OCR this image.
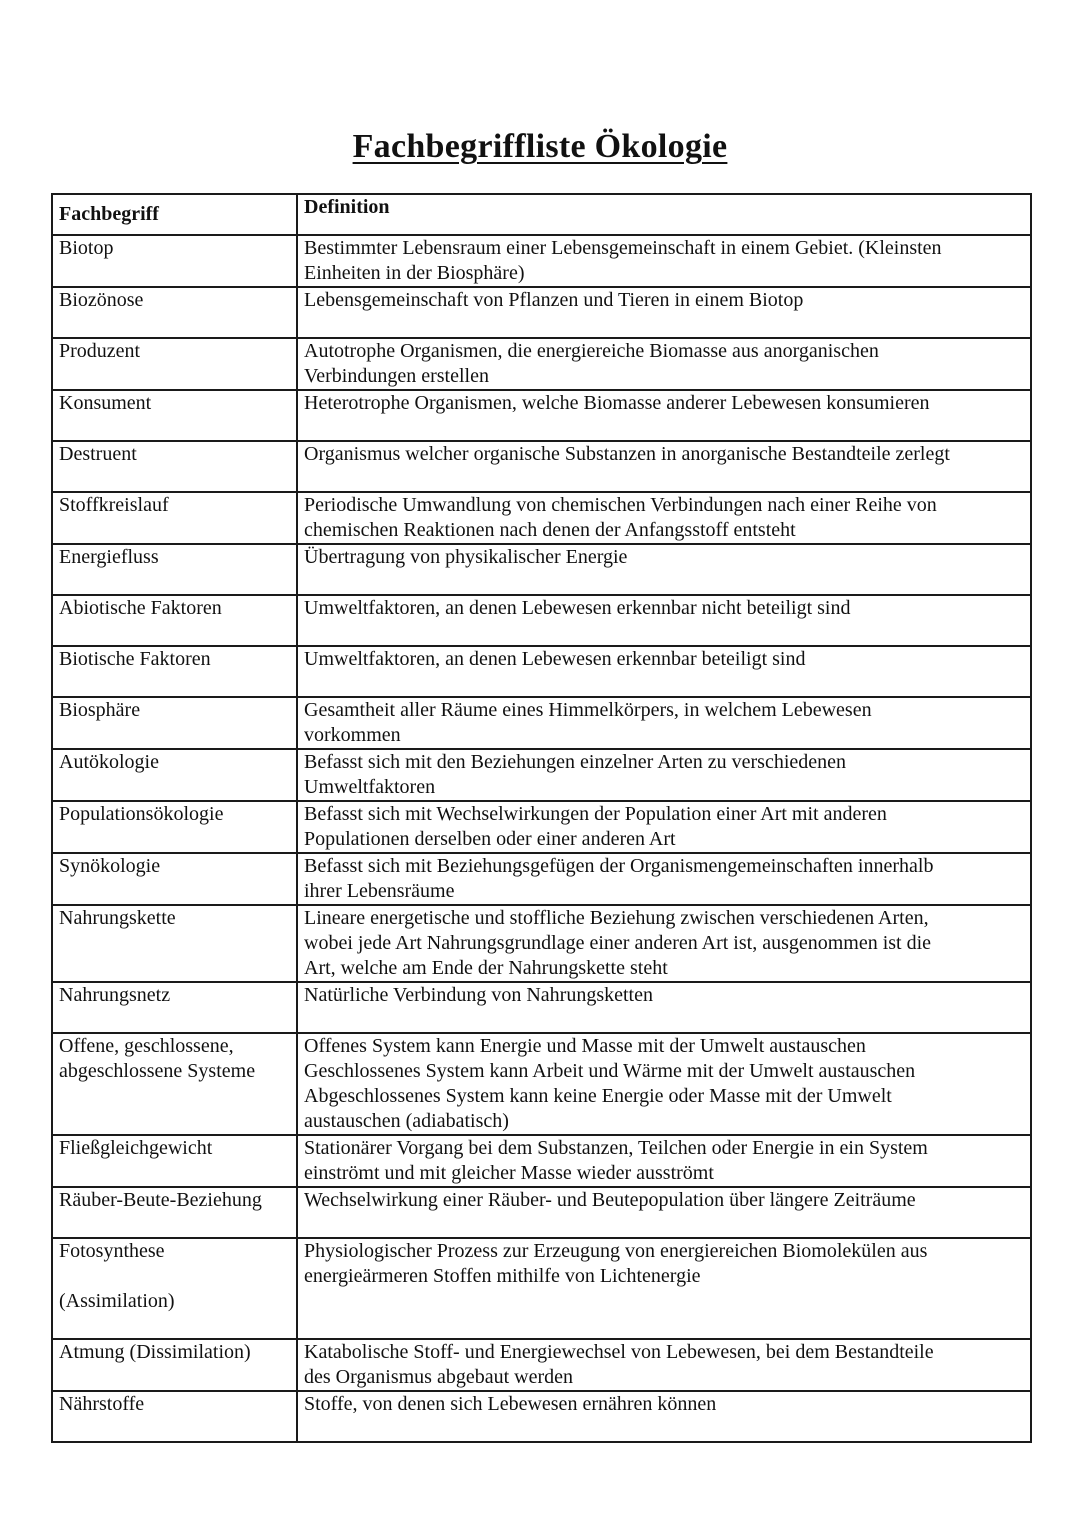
Fachbegriffliste Ökologie
Fachbegriff	Definition

Biotop	Bestimmter Lebensraum einer Lebensgemeinschaft in einem Gebiet. (Kleinsten
Einheiten in der Biosphäre)

Biozönose	Lebensgemeinschaft von Pflanzen und Tieren in einem Biotop

Produzent	Autotrophe Organismen, die energiereiche Biomasse aus anorganischen
Verbindungen erstellen

Konsument	Heterotrophe Organismen, welche Biomasse anderer Lebewesen konsumieren

Destruent	Organismus welcher organische Substanzen in anorganische Bestandteile zerlegt

Stoffkreislauf	Periodische Umwandlung von chemischen Verbindungen nach einer Reihe von
chemischen Reaktionen nach denen der Anfangsstoff entsteht

Energiefluss	Übertragung von physikalischer Energie

Abiotische Faktoren	Umweltfaktoren, an denen Lebewesen erkennbar nicht beteiligt sind

Biotische Faktoren	Umweltfaktoren, an denen Lebewesen erkennbar beteiligt sind

Biosphäre	Gesamtheit aller Räume eines Himmelkörpers, in welchem Lebewesen
vorkommen

Autökologie	Befasst sich mit den Beziehungen einzelner Arten zu verschiedenen
Umweltfaktoren

Populationsökologie	Befasst sich mit Wechselwirkungen der Population einer Art mit anderen
Populationen derselben oder einer anderen Art

Synökologie	Befasst sich mit Beziehungsgefügen der Organismengemeinschaften innerhalb
ihrer Lebensräume

Nahrungskette	Lineare energetische und stoffliche Beziehung zwischen verschiedenen Arten,
wobei jede Art Nahrungsgrundlage einer anderen Art ist, ausgenommen ist die
Art, welche am Ende der Nahrungskette steht

Nahrungsnetz	Natürliche Verbindung von Nahrungsketten

Offene, geschlossene,
abgeschlossene Systeme	Offenes System kann Energie und Masse mit der Umwelt austauschen
Geschlossenes System kann Arbeit und Wärme mit der Umwelt austauschen
Abgeschlossenes System kann keine Energie oder Masse mit der Umwelt
austauschen (adiabatisch)

Fließgleichgewicht	Stationärer Vorgang bei dem Substanzen, Teilchen oder Energie in ein System
einströmt und mit gleicher Masse wieder ausströmt

Räuber-Beute-Beziehung	Wechselwirkung einer Räuber- und Beutepopulation über längere Zeiträume

Fotosynthese
(Assimilation)	Physiologischer Prozess zur Erzeugung von energiereichen Biomolekülen aus
energieärmeren Stoffen mithilfe von Lichtenergie

Atmung (Dissimilation)	Katabolische Stoff- und Energiewechsel von Lebewesen, bei dem Bestandteile
des Organismus abgebaut werden

Nährstoffe	Stoffe, von denen sich Lebewesen ernähren können
